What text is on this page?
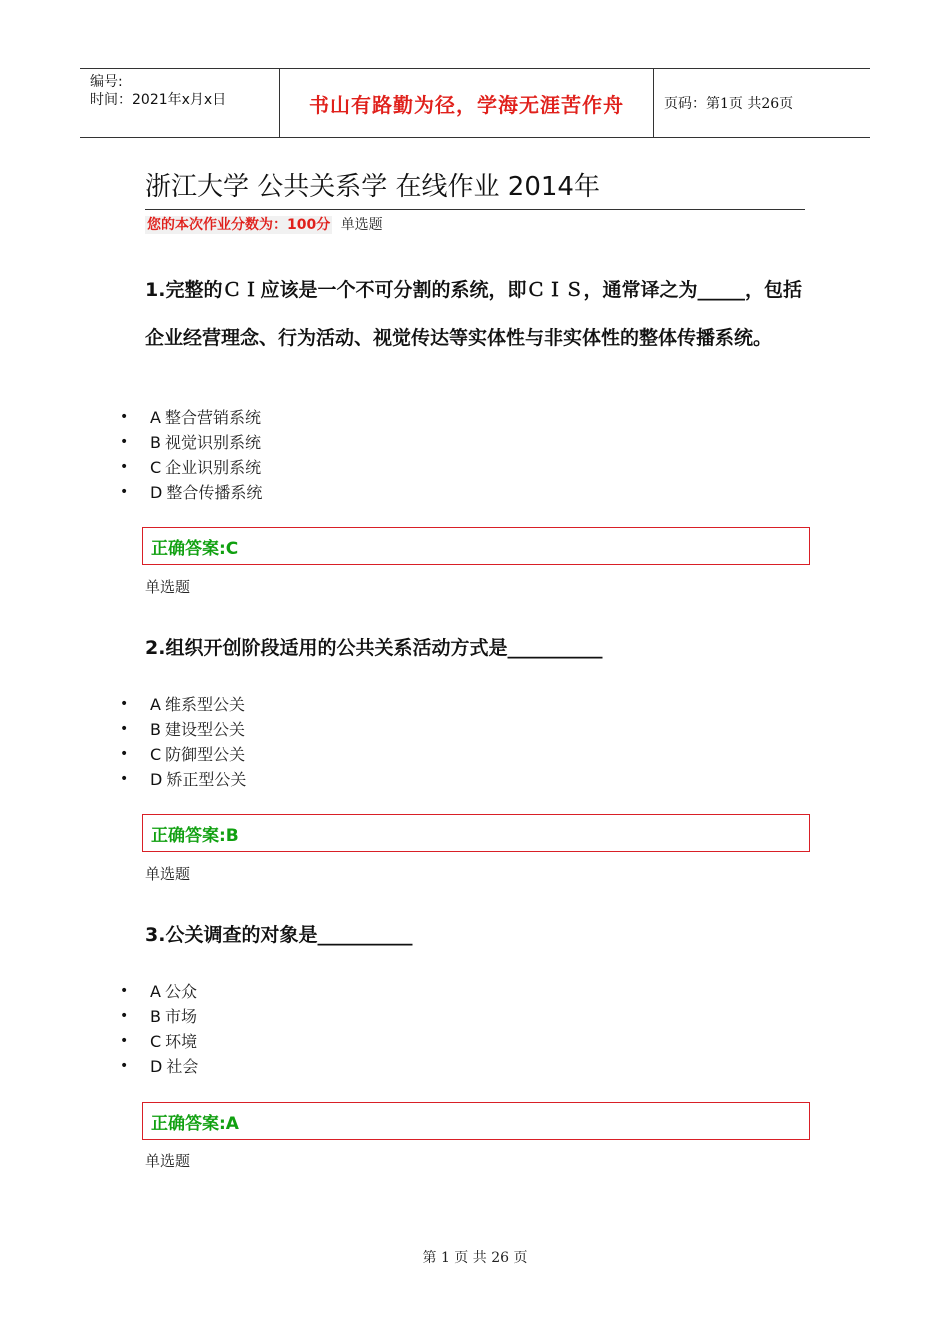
编号:
时间：2021年x月x日	书山有路勤为径，学海无涯苦作舟	页码：第1页 共26页
浙江大学 公共关系学 在线作业 2014年
您的本次作业分数为：100分 单选题
1.完整的ＣＩ应该是一个不可分割的系统，即ＣＩＳ，通常译之为_____，包括企业经营理念、行为活动、视觉传达等实体性与非实体性的整体传播系统。
•	A 整合营销系统
•	B 视觉识别系统
•	C 企业识别系统
•	D 整合传播系统
正确答案:C
单选题
2.组织开创阶段适用的公共关系活动方式是__________
•	A 维系型公关
•	B 建设型公关
•	C 防御型公关
•	D 矫正型公关
正确答案:B
单选题
3.公关调查的对象是__________
•	A 公众
•	B 市场
•	C 环境
•	D 社会
正确答案:A
单选题
第 1 页 共 26 页
